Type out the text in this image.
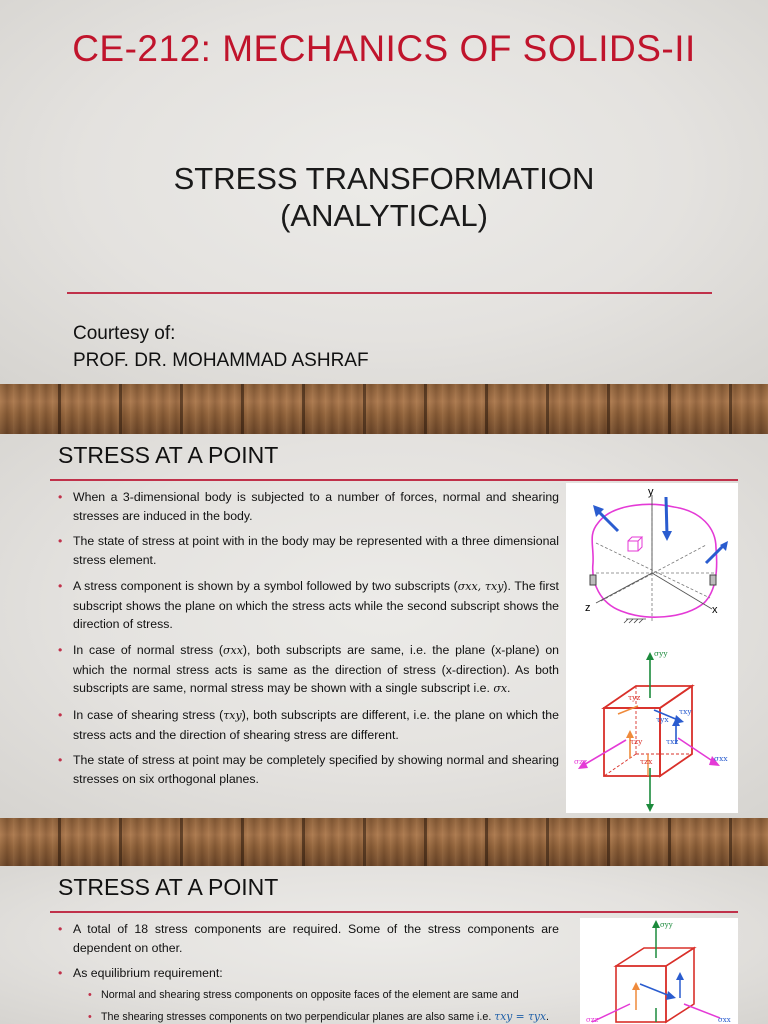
CE-212: MECHANICS OF SOLIDS-II
STRESS TRANSFORMATION
(ANALYTICAL)
Courtesy of:
PROF. DR. MOHAMMAD ASHRAF
STRESS AT A POINT
• When a 3-dimensional body is subjected to a number of forces, normal and shearing stresses are induced in the body.
• The state of stress at point with in the body may be represented with a three dimensional stress element.
• A stress component is shown by a symbol followed by two subscripts (σxx, τxy). The first subscript shows the plane on which the stress acts while the second subscript shows the direction of stress.
• In case of normal stress (σxx), both subscripts are same, i.e. the plane (x-plane) on which the normal stress acts is same as the direction of stress (x-direction). As both subscripts are same, normal stress may be shown with a single subscript i.e. σx.
• In case of shearing stress (τxy), both subscripts are different, i.e. the plane on which the stress acts and the direction of shearing stress are different.
• The state of stress at point may be completely specified by showing normal and shearing stresses on six orthogonal planes.
y
x
z
σyy
σxx
σzz
τyz
τyx
τxy
τzy	τxz
τzx
STRESS AT A POINT
• A total of 18 stress components are required. Some of the stress components are dependent on other.
• As equilibrium requirement:
• Normal and shearing stress components on opposite faces of the element are same and
• The shearing stresses components on two perpendicular planes are also same i.e. τxy = τyx.
σyy
σxx
σzz
